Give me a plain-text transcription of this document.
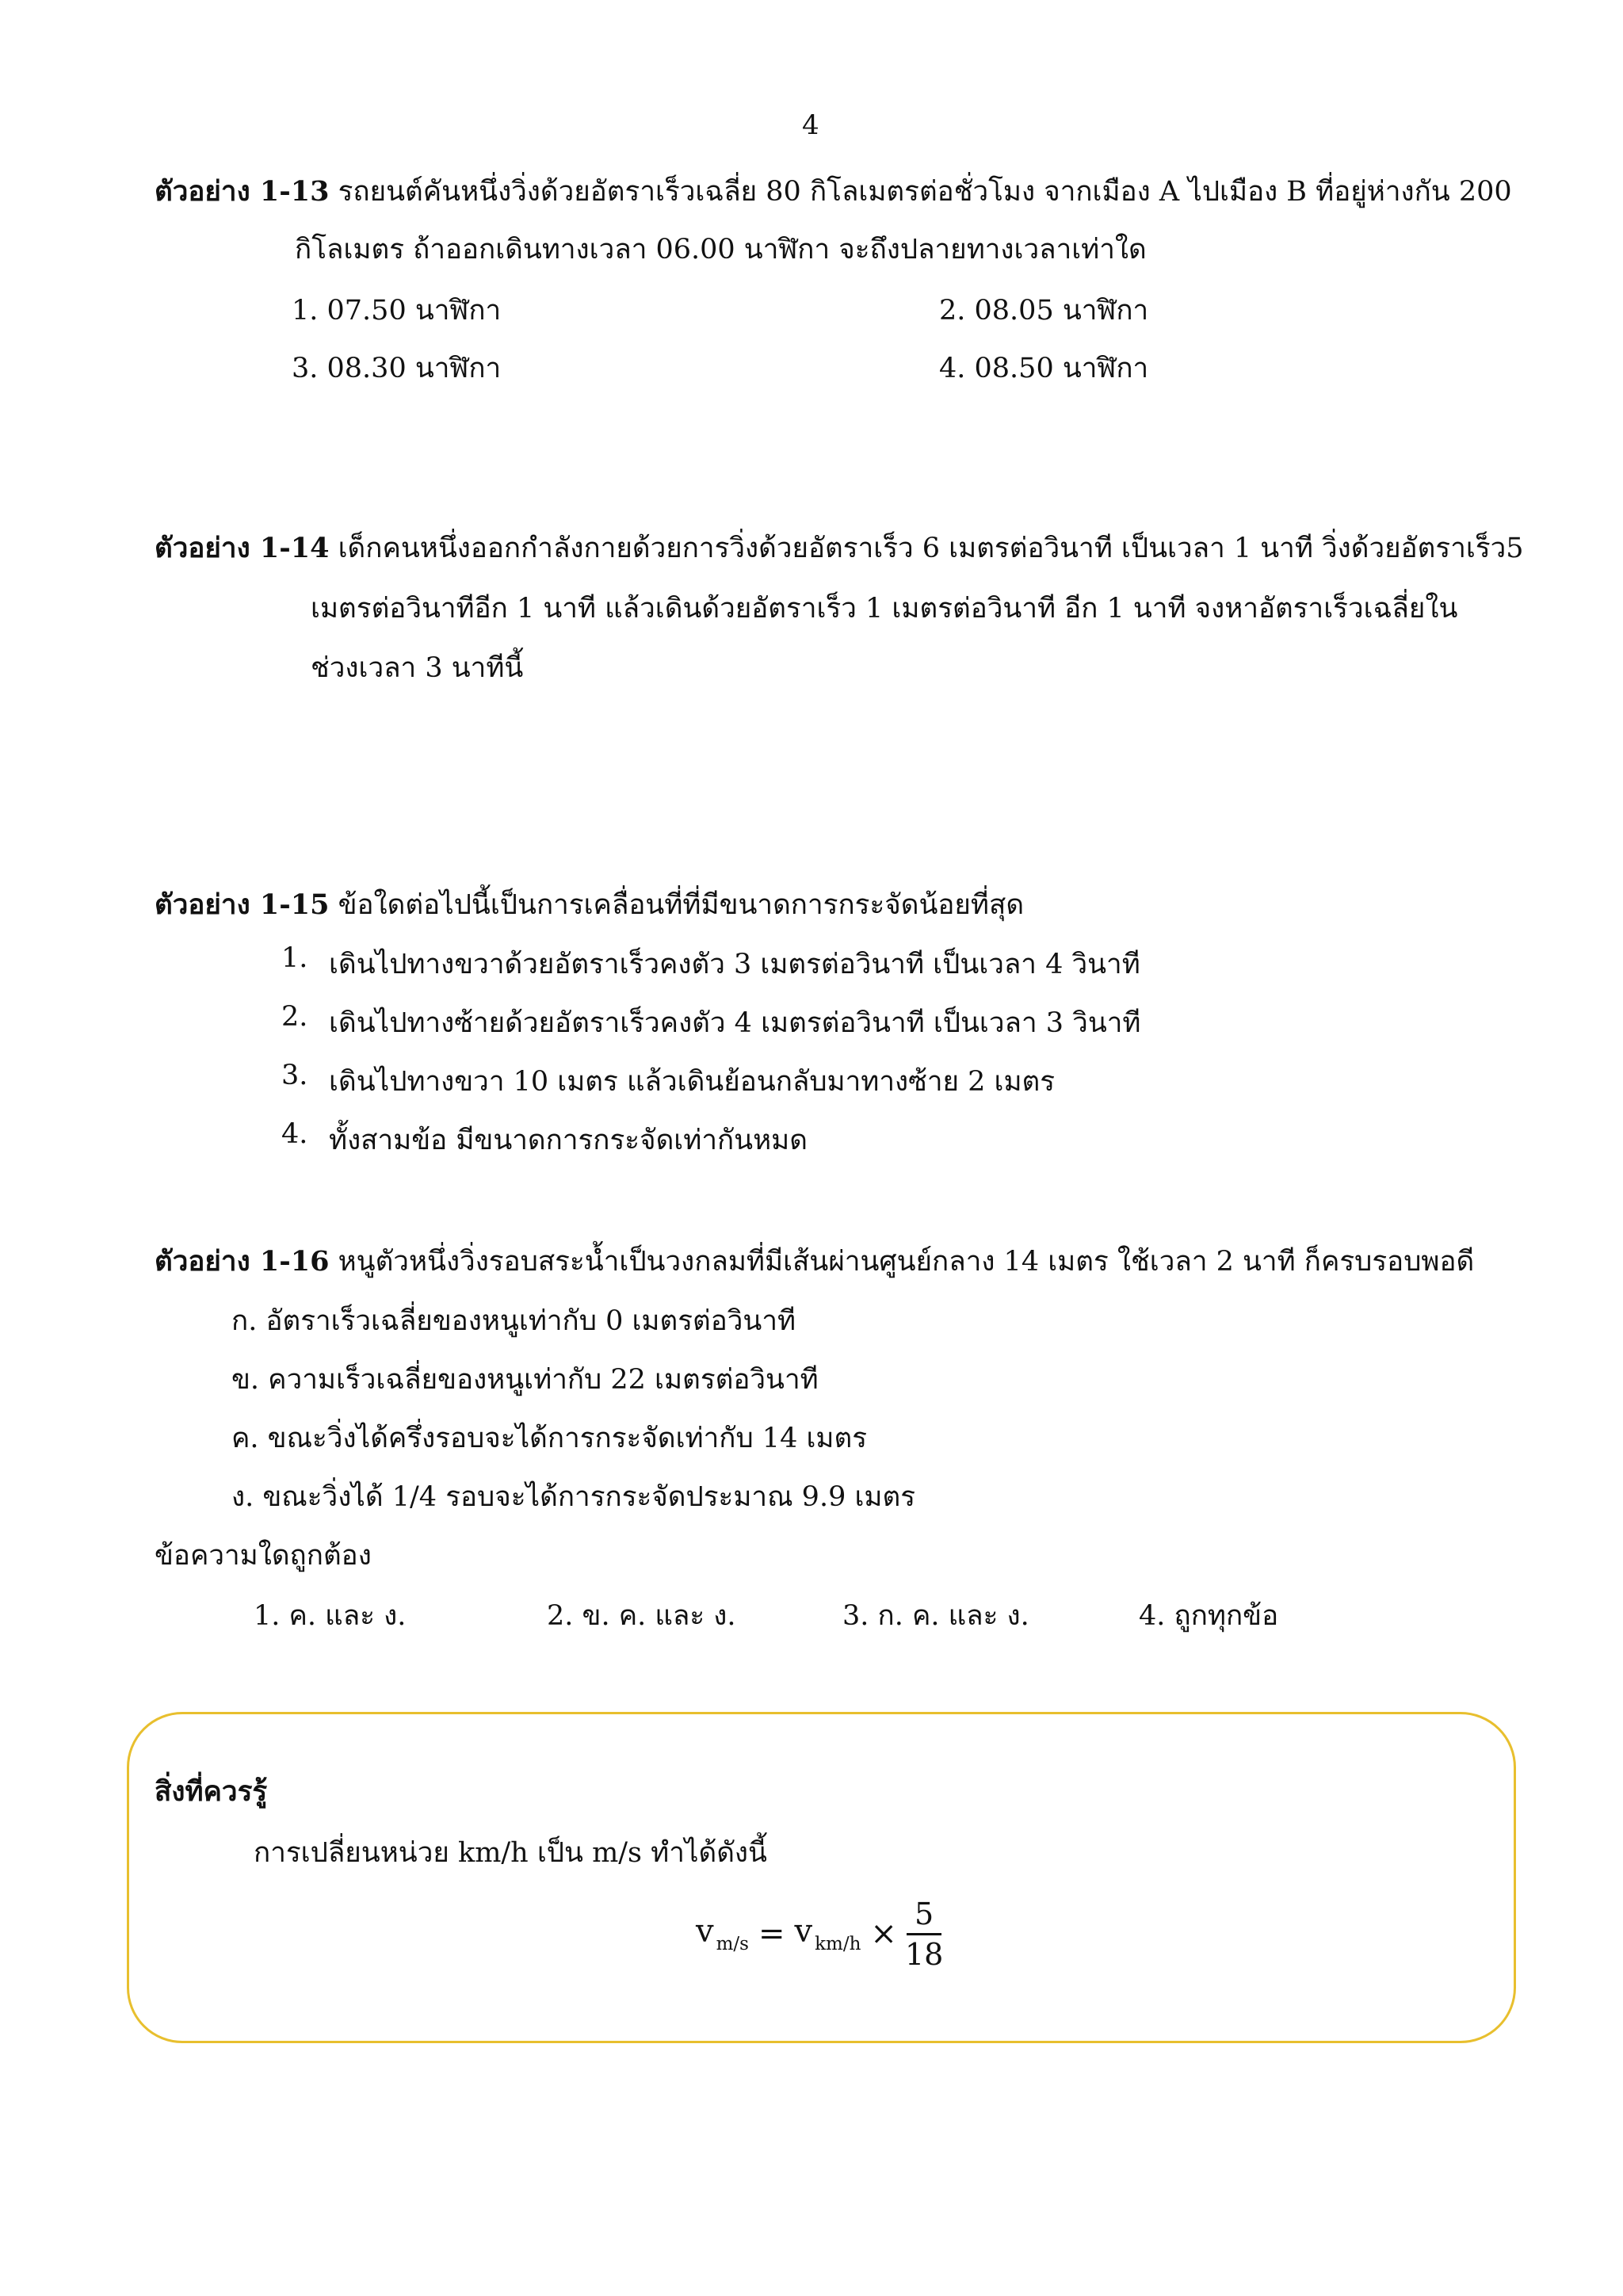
4
ตัวอย่าง 1-13 รถยนต์คันหนึ่งวิ่งด้วยอัตราเร็วเฉลี่ย 80 กิโลเมตรต่อชั่วโมง จากเมือง A ไปเมือง B ที่อยู่ห่างกัน 200
กิโลเมตร ถ้าออกเดินทางเวลา 06.00 นาฬิกา จะถึงปลายทางเวลาเท่าใด
1. 07.50 นาฬิกา	2. 08.05 นาฬิกา
3. 08.30 นาฬิกา	4. 08.50 นาฬิกา
ตัวอย่าง 1-14 เด็กคนหนึ่งออกกำลังกายด้วยการวิ่งด้วยอัตราเร็ว 6 เมตรต่อวินาที เป็นเวลา 1 นาที วิ่งด้วยอัตราเร็ว5
เมตรต่อวินาทีอีก 1 นาที แล้วเดินด้วยอัตราเร็ว 1 เมตรต่อวินาที อีก 1 นาที จงหาอัตราเร็วเฉลี่ยใน
ช่วงเวลา 3 นาทีนี้
ตัวอย่าง 1-15 ข้อใดต่อไปนี้เป็นการเคลื่อนที่ที่มีขนาดการกระจัดน้อยที่สุด
1. เดินไปทางขวาด้วยอัตราเร็วคงตัว 3 เมตรต่อวินาที เป็นเวลา 4 วินาที
2. เดินไปทางซ้ายด้วยอัตราเร็วคงตัว 4 เมตรต่อวินาที เป็นเวลา 3 วินาที
3. เดินไปทางขวา 10 เมตร แล้วเดินย้อนกลับมาทางซ้าย 2 เมตร
4. ทั้งสามข้อ มีขนาดการกระจัดเท่ากันหมด
ตัวอย่าง 1-16 หนูตัวหนึ่งวิ่งรอบสระน้ำเป็นวงกลมที่มีเส้นผ่านศูนย์กลาง 14 เมตร ใช้เวลา 2 นาที ก็ครบรอบพอดี
ก. อัตราเร็วเฉลี่ยของหนูเท่ากับ 0 เมตรต่อวินาที
ข. ความเร็วเฉลี่ยของหนูเท่ากับ 22 เมตรต่อวินาที
ค. ขณะวิ่งได้ครึ่งรอบจะได้การกระจัดเท่ากับ 14 เมตร
ง. ขณะวิ่งได้ 1/4 รอบจะได้การกระจัดประมาณ 9.9 เมตร
ข้อความใดถูกต้อง
1. ค. และ ง.	2. ข. ค. และ ง.	3. ก. ค. และ ง.	4. ถูกทุกข้อ
สิ่งที่ควรรู้
การเปลี่ยนหน่วย km/h เป็น m/s ทำได้ดังนี้
v $_{m/s}$ = v $_{km/h} \times \frac{5}{18}$
